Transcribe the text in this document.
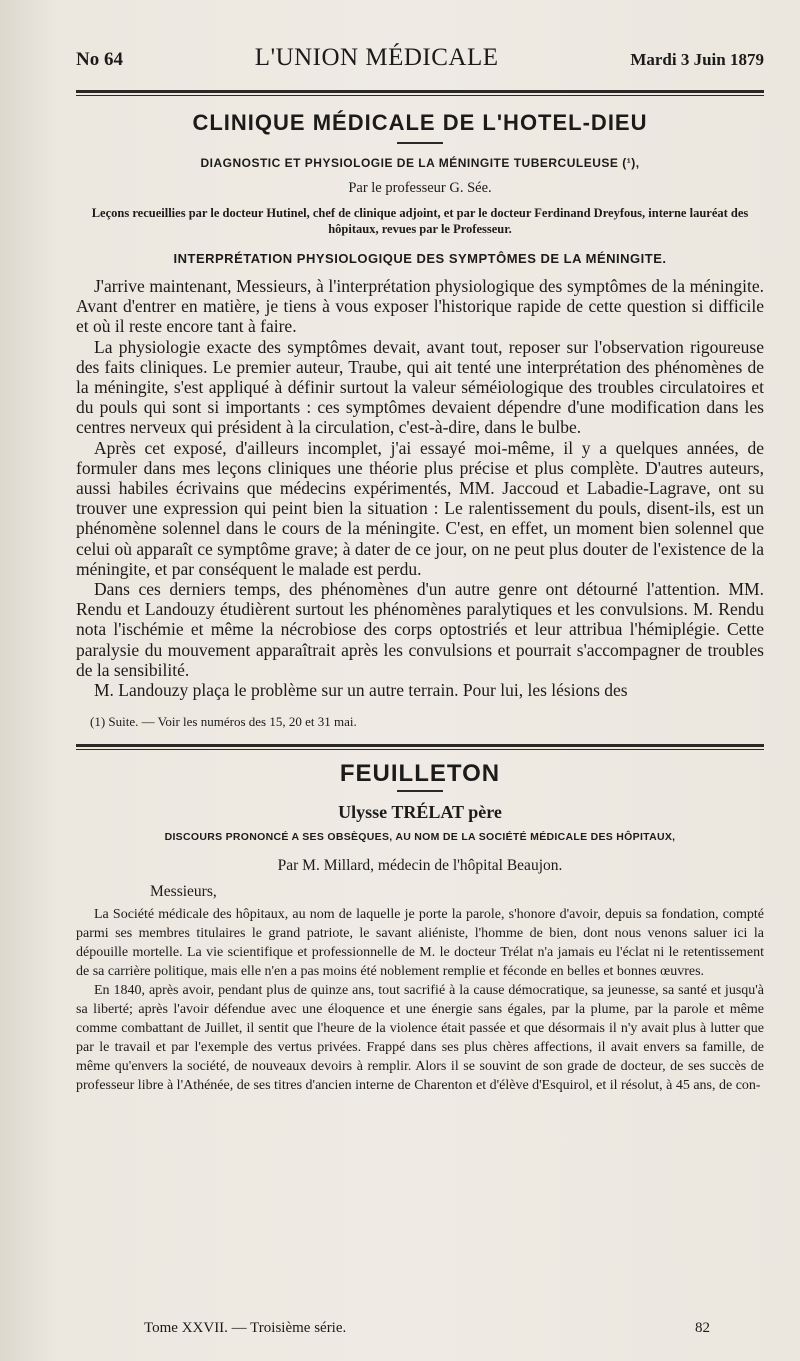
No 64	L'UNION MÉDICALE	Mardi 3 Juin 1879
CLINIQUE MÉDICALE DE L'HOTEL-DIEU
DIAGNOSTIC ET PHYSIOLOGIE DE LA MÉNINGITE TUBERCULEUSE (¹),
Par le professeur G. Sée.
Leçons recueillies par le docteur Hutinel, chef de clinique adjoint, et par le docteur Ferdinand Dreyfous, interne lauréat des hôpitaux, revues par le Professeur.
INTERPRÉTATION PHYSIOLOGIQUE DES SYMPTÔMES DE LA MÉNINGITE.

J'arrive maintenant, Messieurs, à l'interprétation physiologique des symptômes de la méningite. Avant d'entrer en matière, je tiens à vous exposer l'historique rapide de cette question si difficile et où il reste encore tant à faire.

La physiologie exacte des symptômes devait, avant tout, reposer sur l'observation rigoureuse des faits cliniques. Le premier auteur, Traube, qui ait tenté une interprétation des phénomènes de la méningite, s'est appliqué à définir surtout la valeur séméiologique des troubles circulatoires et du pouls qui sont si importants : ces symptômes devaient dépendre d'une modification dans les centres nerveux qui président à la circulation, c'est-à-dire, dans le bulbe.

Après cet exposé, d'ailleurs incomplet, j'ai essayé moi-même, il y a quelques années, de formuler dans mes leçons cliniques une théorie plus précise et plus complète. D'autres auteurs, aussi habiles écrivains que médecins expérimentés, MM. Jaccoud et Labadie-Lagrave, ont su trouver une expression qui peint bien la situation : Le ralentissement du pouls, disent-ils, est un phénomène solennel dans le cours de la méningite. C'est, en effet, un moment bien solennel que celui où apparaît ce symptôme grave; à dater de ce jour, on ne peut plus douter de l'existence de la méningite, et par conséquent le malade est perdu.

Dans ces derniers temps, des phénomènes d'un autre genre ont détourné l'attention. MM. Rendu et Landouzy étudièrent surtout les phénomènes paralytiques et les convulsions. M. Rendu nota l'ischémie et même la nécrobiose des corps optostriés et leur attribua l'hémiplégie. Cette paralysie du mouvement apparaîtrait après les convulsions et pourrait s'accompagner de troubles de la sensibilité.

M. Landouzy plaça le problème sur un autre terrain. Pour lui, les lésions des

(1) Suite. — Voir les numéros des 15, 20 et 31 mai.
FEUILLETON
Ulysse TRÉLAT père
DISCOURS PRONONCÉ A SES OBSÈQUES, AU NOM DE LA SOCIÉTÉ MÉDICALE DES HÔPITAUX,
Par M. Millard, médecin de l'hôpital Beaujon.
Messieurs,

La Société médicale des hôpitaux, au nom de laquelle je porte la parole, s'honore d'avoir, depuis sa fondation, compté parmi ses membres titulaires le grand patriote, le savant aliéniste, l'homme de bien, dont nous venons saluer ici la dépouille mortelle. La vie scientifique et professionnelle de M. le docteur Trélat n'a jamais eu l'éclat ni le retentissement de sa carrière politique, mais elle n'en a pas moins été noblement remplie et féconde en belles et bonnes œuvres.

En 1840, après avoir, pendant plus de quinze ans, tout sacrifié à la cause démocratique, sa jeunesse, sa santé et jusqu'à sa liberté; après l'avoir défendue avec une éloquence et une énergie sans égales, par la plume, par la parole et même comme combattant de Juillet, il sentit que l'heure de la violence était passée et que désormais il n'y avait plus à lutter que par le travail et par l'exemple des vertus privées. Frappé dans ses plus chères affections, il avait envers sa famille, de même qu'envers la société, de nouveaux devoirs à remplir. Alors il se souvint de son grade de docteur, de ses succès de professeur libre à l'Athénée, de ses titres d'ancien interne de Charenton et d'élève d'Esquirol, et il résolut, à 45 ans, de con-

Tome XXVII. — Troisième série.	82
